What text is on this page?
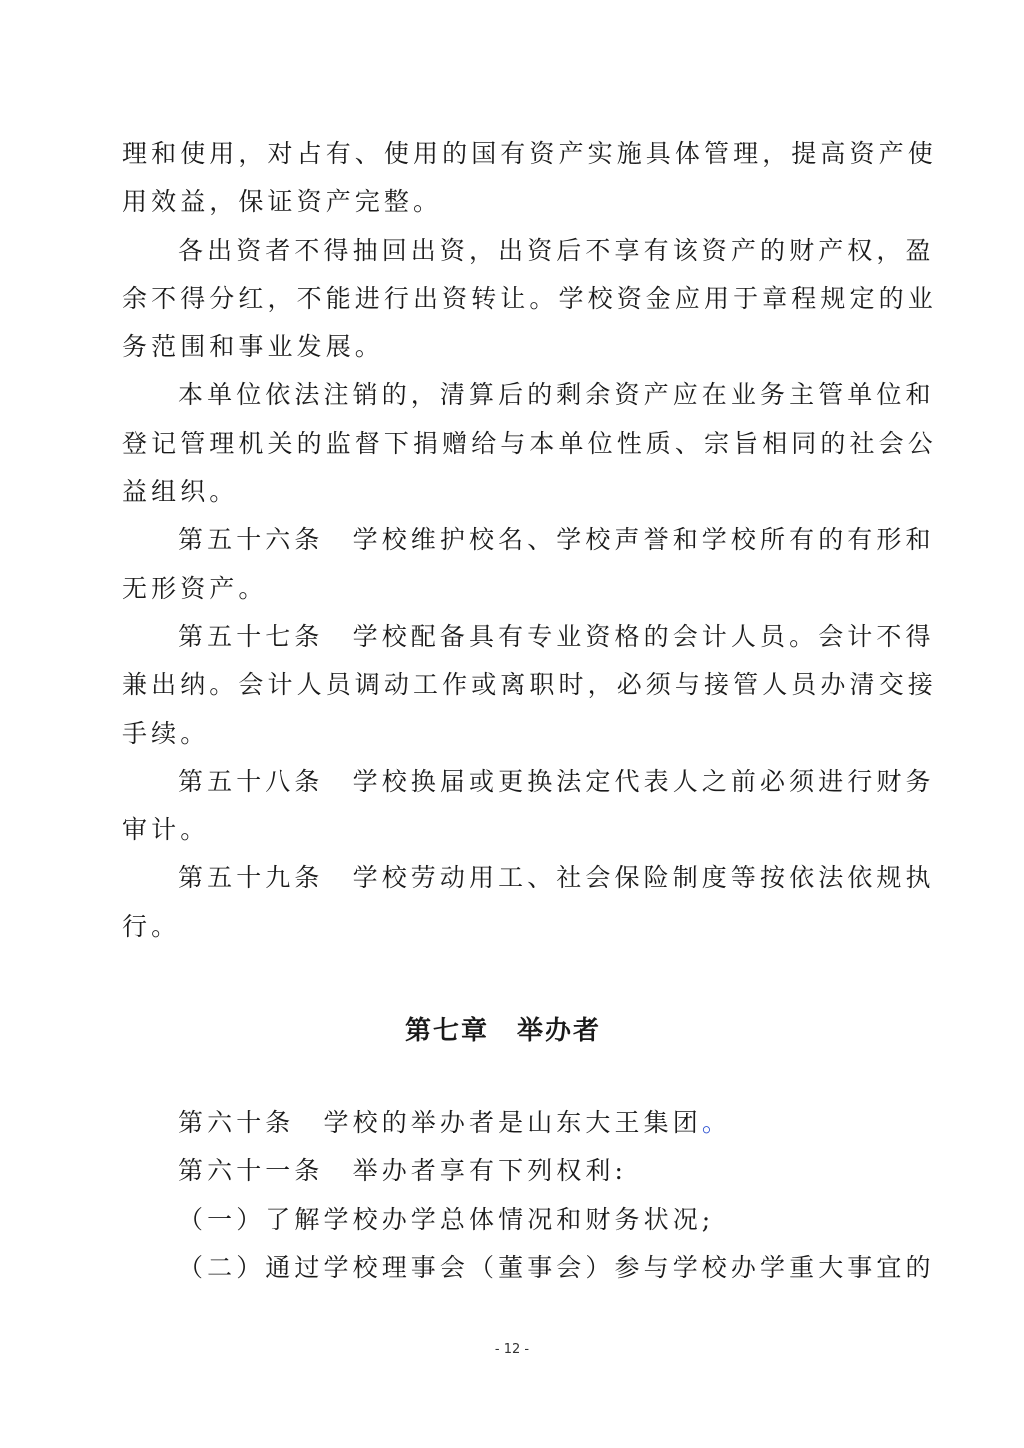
理和使用，对占有、使用的国有资产实施具体管理，提高资产使
用效益，保证资产完整。
各出资者不得抽回出资，出资后不享有该资产的财产权，盈
余不得分红，不能进行出资转让。学校资金应用于章程规定的业
务范围和事业发展。
本单位依法注销的，清算后的剩余资产应在业务主管单位和
登记管理机关的监督下捐赠给与本单位性质、宗旨相同的社会公
益组织。
第五十六条　学校维护校名、学校声誉和学校所有的有形和
无形资产。
第五十七条　学校配备具有专业资格的会计人员。会计不得
兼出纳。会计人员调动工作或离职时，必须与接管人员办清交接
手续。
第五十八条　学校换届或更换法定代表人之前必须进行财务
审计。
第五十九条　学校劳动用工、社会保险制度等按依法依规执
行。
第七章　举办者
第六十条　学校的举办者是山东大王集团。
第六十一条　举办者享有下列权利:
（一）了解学校办学总体情况和财务状况;
（二）通过学校理事会（董事会）参与学校办学重大事宜的
- 12 -
